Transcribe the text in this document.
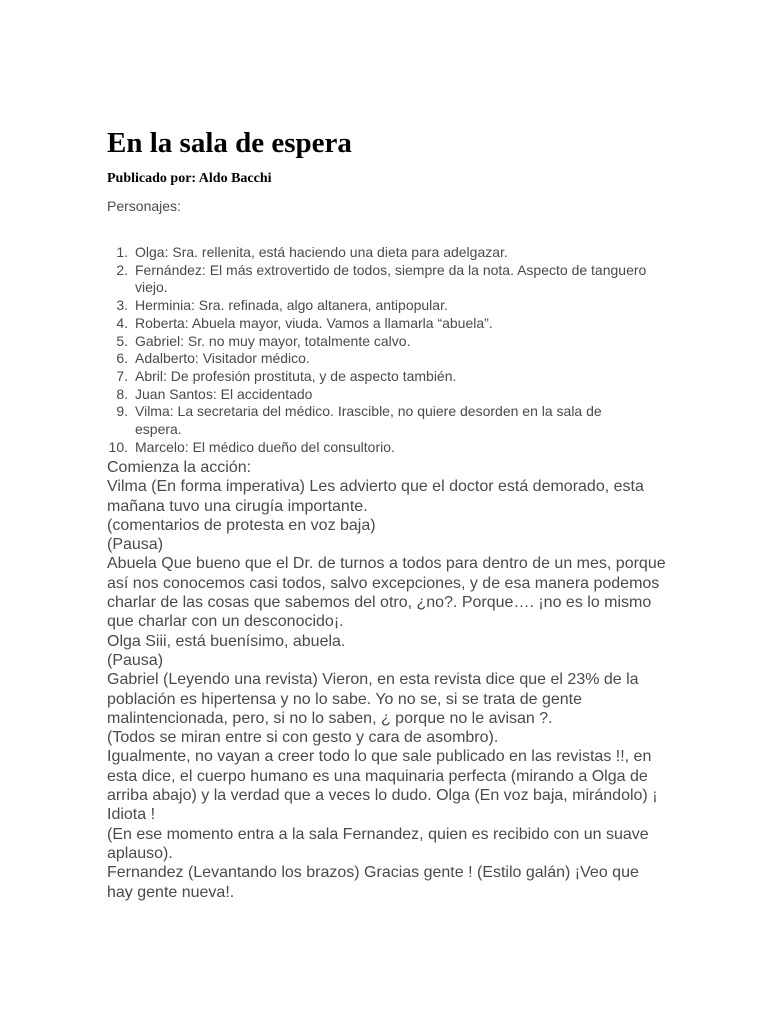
En la sala de espera

Publicado por: Aldo Bacchi

Personajes:

1. Olga: Sra. rellenita, está haciendo una dieta para adelgazar.
2. Fernández: El más extrovertido de todos, siempre da la nota. Aspecto de tanguero            viejo.
3. Herminia: Sra. refinada, algo altanera, antipopular.
4. Roberta: Abuela mayor, viuda. Vamos a llamarla “abuela”.
5. Gabriel: Sr. no muy mayor, totalmente calvo.
6. Adalberto: Visitador médico.
7. Abril: De profesión prostituta, y de aspecto también.
8. Juan Santos: El accidentado
9. Vilma: La secretaria del médico. Irascible, no quiere desorden en la sala de espera.
10. Marcelo: El médico dueño del consultorio.

Comienza la acción:

Vilma (En forma imperativa) Les advierto que el doctor está demorado, esta mañana tuvo una cirugía importante.

(comentarios de protesta en voz baja)

(Pausa)

Abuela Que bueno que el Dr. de turnos a todos para dentro de un mes, porque así nos conocemos casi todos, salvo excepciones, y de esa manera podemos charlar de las cosas que sabemos del otro, ¿no?. Porque…. ¡no es lo mismo que charlar con un desconocido¡.

Olga Siii, está buenísimo, abuela.

(Pausa)

Gabriel (Leyendo una revista) Vieron, en esta revista dice que el 23% de la población es hipertensa y no lo sabe. Yo no se, si se trata de gente malintencionada, pero, si no lo saben, ¿ porque no le avisan ?.

(Todos se miran entre si con gesto y cara de asombro).

Igualmente, no vayan a creer todo lo que sale publicado en las revistas !!, en esta dice, el cuerpo humano es una maquinaria perfecta (mirando a Olga de arriba abajo) y la verdad que a veces lo dudo. Olga (En voz baja, mirándolo) ¡ Idiota !

(En ese momento entra a la sala Fernandez, quien es recibido con un suave aplauso).

Fernandez (Levantando los brazos) Gracias gente ! (Estilo galán) ¡Veo que hay gente nueva!.
